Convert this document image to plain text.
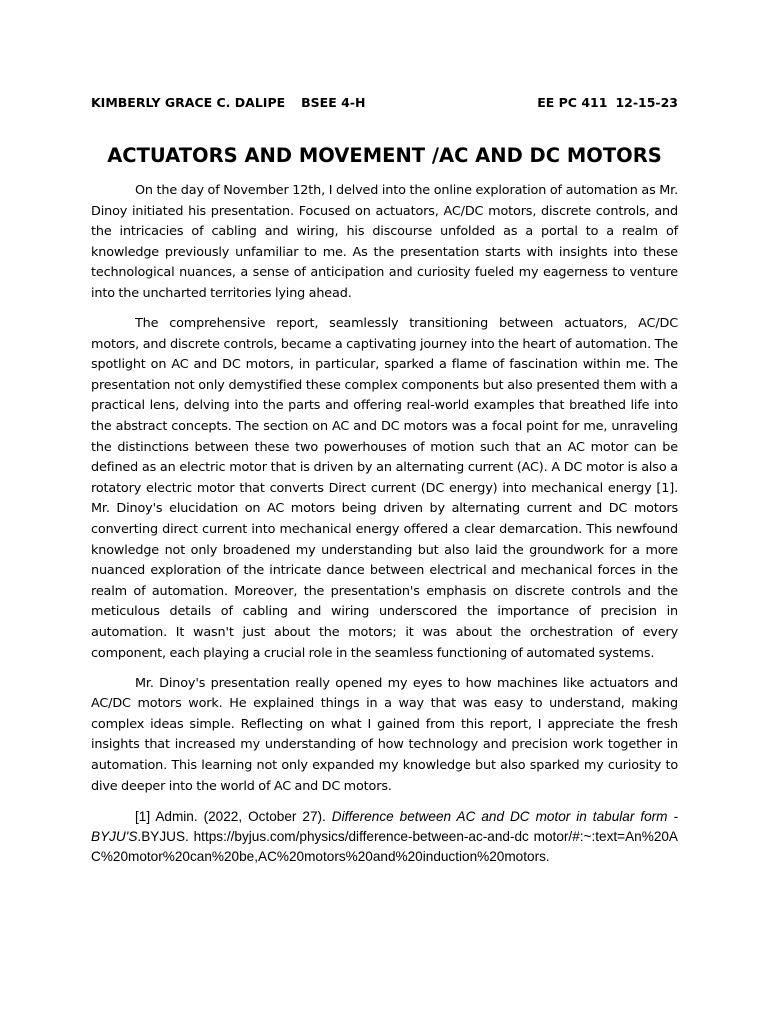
KIMBERLY GRACE C. DALIPE BSEE 4-H	EE PC 411 12-15-23
ACTUATORS AND MOVEMENT /AC AND DC MOTORS

On the day of November 12th, I delved into the online exploration of automation as Mr. Dinoy initiated his presentation. Focused on actuators, AC/DC motors, discrete controls, and the intricacies of cabling and wiring, his discourse unfolded as a portal to a realm of knowledge previously unfamiliar to me. As the presentation starts with insights into these technological nuances, a sense of anticipation and curiosity fueled my eagerness to venture into the uncharted territories lying ahead.

The comprehensive report, seamlessly transitioning between actuators, AC/DC motors, and discrete controls, became a captivating journey into the heart of automation. The spotlight on AC and DC motors, in particular, sparked a flame of fascination within me. The presentation not only demystified these complex components but also presented them with a practical lens, delving into the parts and offering real-world examples that breathed life into the abstract concepts. The section on AC and DC motors was a focal point for me, unraveling the distinctions between these two powerhouses of motion such that an AC motor can be defined as an electric motor that is driven by an alternating current (AC). A DC motor is also a rotatory electric motor that converts Direct current (DC energy) into mechanical energy [1]. Mr. Dinoy's elucidation on AC motors being driven by alternating current and DC motors converting direct current into mechanical energy offered a clear demarcation. This newfound knowledge not only broadened my understanding but also laid the groundwork for a more nuanced exploration of the intricate dance between electrical and mechanical forces in the realm of automation. Moreover, the presentation's emphasis on discrete controls and the meticulous details of cabling and wiring underscored the importance of precision in automation. It wasn't just about the motors; it was about the orchestration of every component, each playing a crucial role in the seamless functioning of automated systems.

Mr. Dinoy's presentation really opened my eyes to how machines like actuators and AC/DC motors work. He explained things in a way that was easy to understand, making complex ideas simple. Reflecting on what I gained from this report, I appreciate the fresh insights that increased my understanding of how technology and precision work together in automation. This learning not only expanded my knowledge but also sparked my curiosity to dive deeper into the world of AC and DC motors.

[1] Admin. (2022, October 27). Difference between AC and DC motor in tabular form - BYJU'S.BYJUS. https://byjus.com/physics/difference-between-ac-and-dc motor/#:~:text=An%20AC%20motor%20can%20be,AC%20motors%20and%20induction%20motors.
